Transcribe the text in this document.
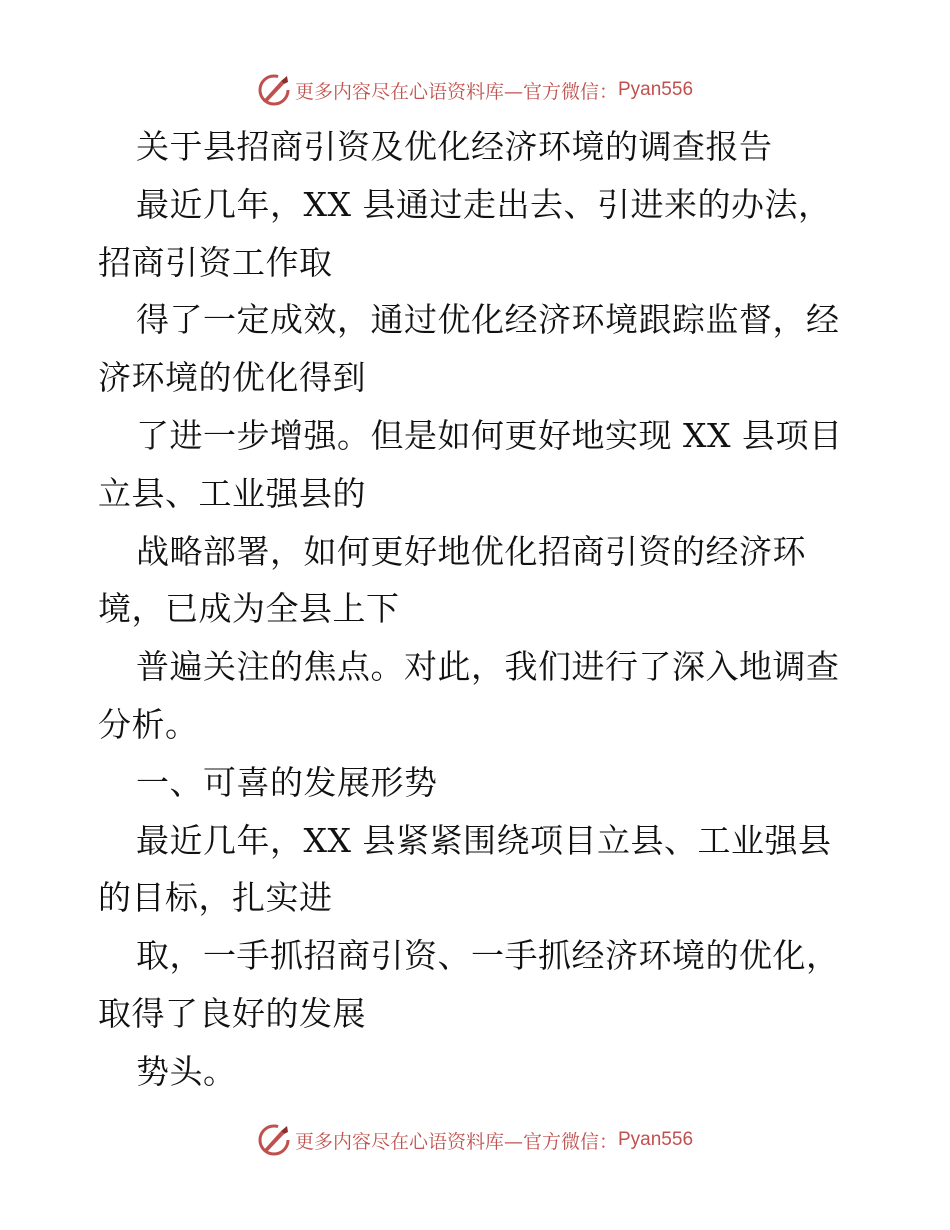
更多内容尽在心语资料库—官方微信： Pyan556
关于县招商引资及优化经济环境的调查报告
最近几年，XX 县通过走出去、引进来的办法，
招商引资工作取
得了一定成效，通过优化经济环境跟踪监督，经
济环境的优化得到
了进一步增强。但是如何更好地实现 XX 县项目
立县、工业强县的
战略部署，如何更好地优化招商引资的经济环
境，已成为全县上下
普遍关注的焦点。对此，我们进行了深入地调查
分析。
一、可喜的发展形势
最近几年，XX 县紧紧围绕项目立县、工业强县
的目标，扎实进
取，一手抓招商引资、一手抓经济环境的优化，
取得了良好的发展
势头。
更多内容尽在心语资料库—官方微信： Pyan556
